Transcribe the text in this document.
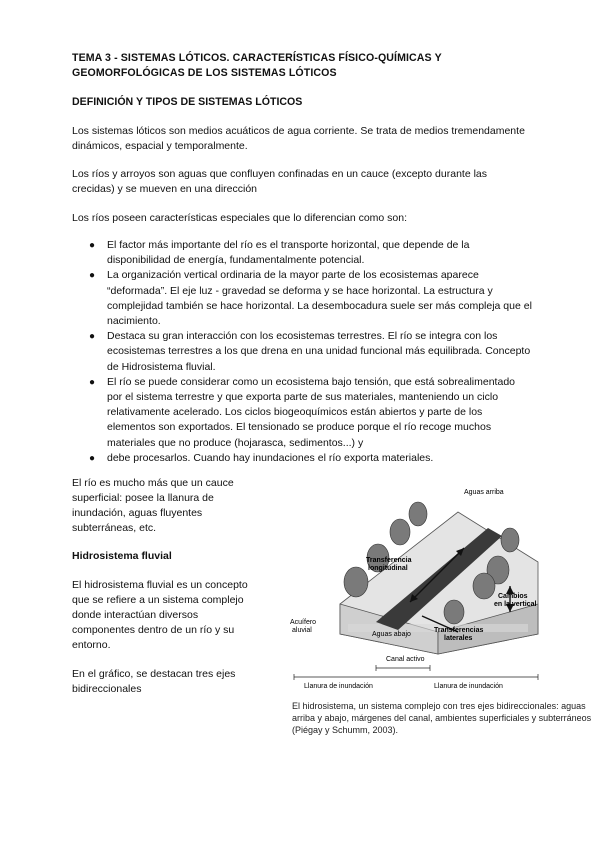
TEMA 3 - SISTEMAS LÓTICOS. CARACTERÍSTICAS FÍSICO-QUÍMICAS Y GEOMORFOLÓGICAS DE LOS SISTEMAS LÓTICOS
DEFINICIÓN Y TIPOS DE SISTEMAS LÓTICOS
Los sistemas lóticos son medios acuáticos de agua corriente. Se trata de medios tremendamente dinámicos, espacial y temporalmente.
Los ríos y arroyos son aguas que confluyen confinadas en un cauce (excepto durante las crecidas) y se mueven en una dirección
Los ríos poseen características especiales que lo diferencian como son:
● El factor más importante del río es el transporte horizontal, que depende de la disponibilidad de energía, fundamentalmente potencial.
● La organización vertical ordinaria de la mayor parte de los ecosistemas aparece “deformada”. El eje luz - gravedad se deforma y se hace horizontal. La estructura y complejidad también se hace horizontal. La desembocadura suele ser más compleja que el nacimiento.
● Destaca su gran interacción con los ecosistemas terrestres. El río se integra con los ecosistemas terrestres a los que drena en una unidad funcional más equilibrada. Concepto de Hidrosistema fluvial.
● El río se puede considerar como un ecosistema bajo tensión, que está sobrealimentado por el sistema terrestre y que exporta parte de sus materiales, manteniendo un ciclo relativamente acelerado. Los ciclos biogeoquímicos están abiertos y parte de los elementos son exportados. El tensionado se produce porque el río recoge muchos materiales que no produce (hojarasca, sedimentos...) y
● debe procesarlos. Cuando hay inundaciones el río exporta materiales.
El río es mucho más que un cauce superficial: posee la llanura de inundación, aguas fluyentes subterráneas, etc.
Hidrosistema fluvial
El hidrosistema fluvial es un concepto que se refiere a un sistema complejo donde interactúan diversos componentes dentro de un río y su entorno.
En el gráfico, se destacan tres ejes bidireccionales
Aguas arriba
Transferencia longitudinal
Cambios en la vertical
Acuífero aluvial
Aguas abajo
Transferencias laterales
Canal activo
Llanura de inundación	Llanura de inundación
El hidrosistema, un sistema complejo con tres ejes bidireccionales: aguas arriba y abajo, márgenes del canal, ambientes superficiales y subterráneos (Piégay y Schumm, 2003).
